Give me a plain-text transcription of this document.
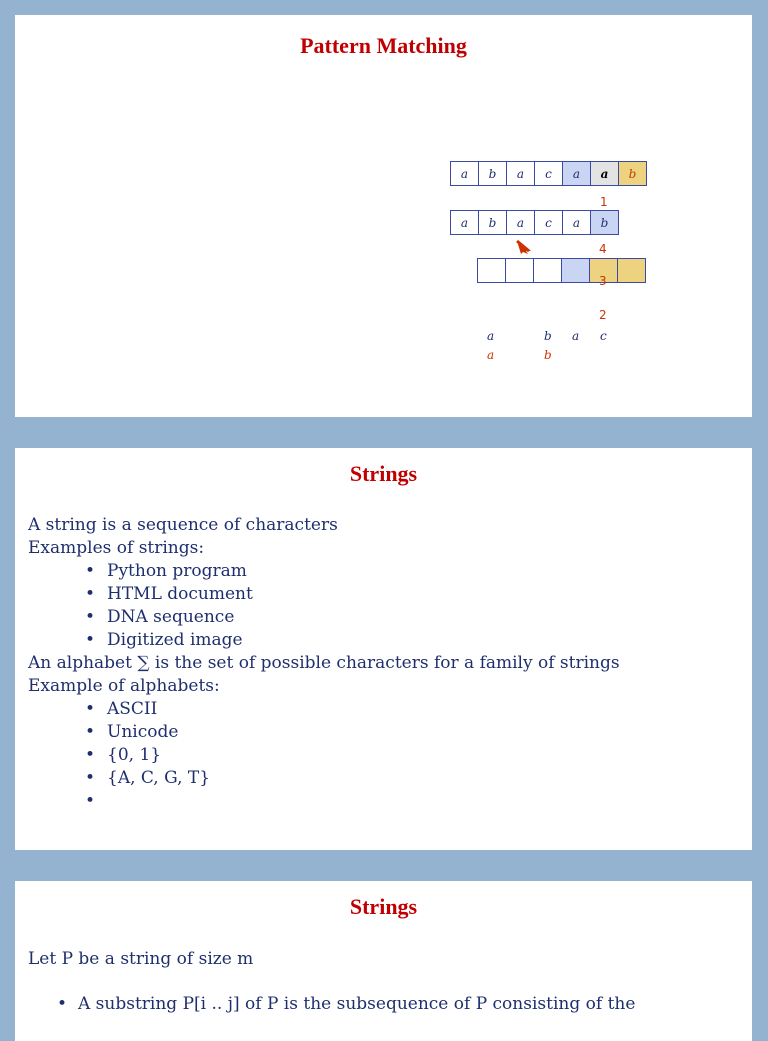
Pattern Matching
a	b	a	c	a	a	b
1
a	b	a	c	a	b
4
3
2
a	b a c
a	b
Strings
A string is a sequence of characters
Examples of strings:
• Python program
• HTML document
• DNA sequence
• Digitized image
An alphabet ∑ is the set of possible characters for a family of strings
Example of alphabets:
• ASCII
• Unicode
• {0, 1}
• {A, C, G, T}
•
Strings
Let P be a string of size m
• A substring P[i .. j] of P is the subsequence of P consisting of the
